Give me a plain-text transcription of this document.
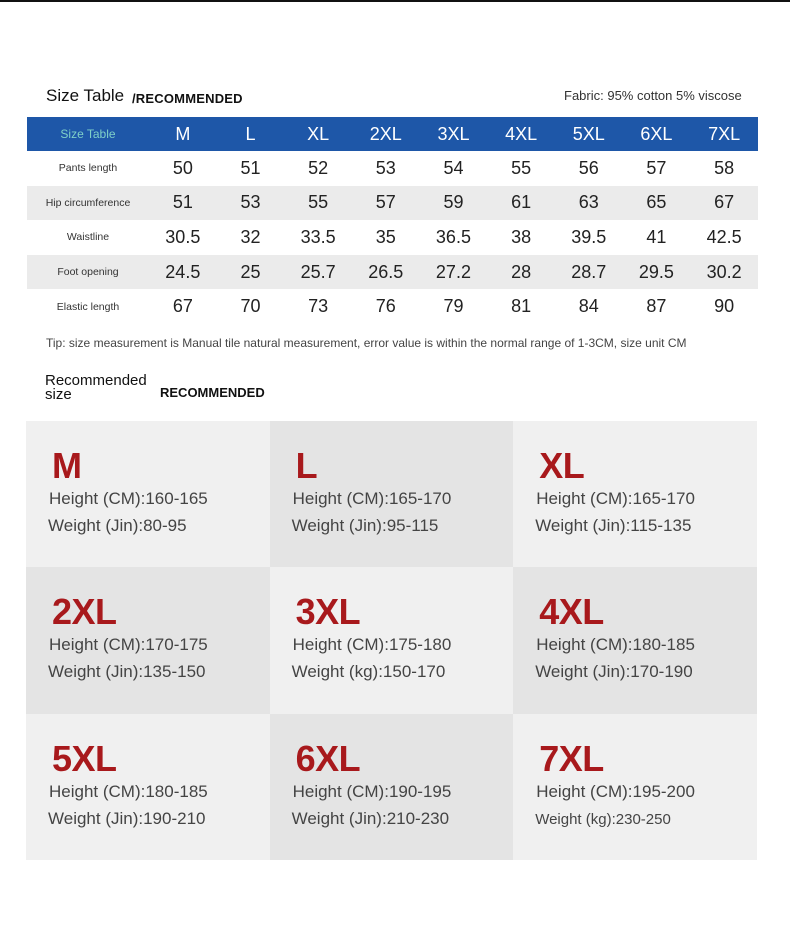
Size Table /RECOMMENDED	Fabric: 95% cotton 5% viscose
Size Table	M	L	XL	2XL	3XL	4XL	5XL	6XL	7XL
Pants length	50	51	52	53	54	55	56	57	58
Hip circumference	51	53	55	57	59	61	63	65	67
Waistline	30.5	32	33.5	35	36.5	38	39.5	41	42.5
Foot opening	24.5	25	25.7	26.5	27.2	28	28.7	29.5	30.2
Elastic length	67	70	73	76	79	81	84	87	90
Tip: size measurement is Manual tile natural measurement, error value is within the normal range of 1-3CM, size unit CM
Recommended size	RECOMMENDED
M
Height (CM):160-165
Weight (Jin):80-95
L
Height (CM):165-170
Weight (Jin):95-115
XL
Height (CM):165-170
Weight (Jin):115-135
2XL
Height (CM):170-175
Weight (Jin):135-150
3XL
Height (CM):175-180
Weight (kg):150-170
4XL
Height (CM):180-185
Weight (Jin):170-190
5XL
Height (CM):180-185
Weight (Jin):190-210
6XL
Height (CM):190-195
Weight (Jin):210-230
7XL
Height (CM):195-200
Weight (kg):230-250
